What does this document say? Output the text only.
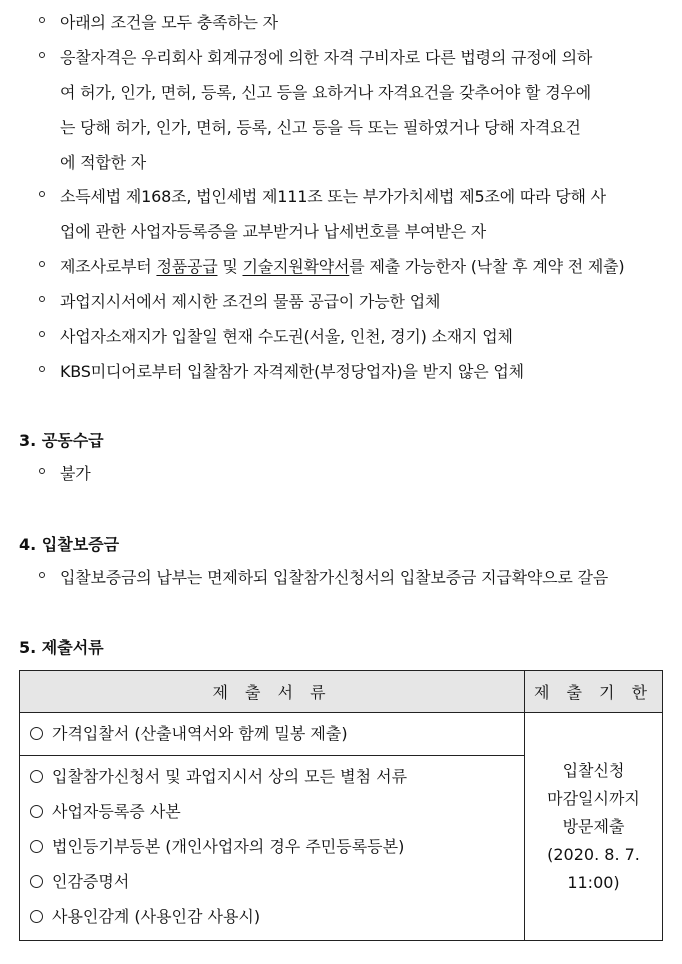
아래의 조건을 모두 충족하는 자
응찰자격은 우리회사 회계규정에 의한 자격 구비자로 다른 법령의 규정에 의하
여 허가, 인가, 면허, 등록, 신고 등을 요하거나 자격요건을 갖추어야 할 경우에
는 당해 허가, 인가, 면허, 등록, 신고 등을 득 또는 필하였거나 당해 자격요건
에 적합한 자
소득세법 제168조, 법인세법 제111조 또는 부가가치세법 제5조에 따라 당해 사
업에 관한 사업자등록증을 교부받거나 납세번호를 부여받은 자
제조사로부터 정품공급 및 기술지원확약서를 제출 가능한자 (낙찰 후 계약 전 제출)
과업지시서에서 제시한 조건의 물품 공급이 가능한 업체
사업자소재지가 입찰일 현재 수도권(서울, 인천, 경기) 소재지 업체
KBS미디어로부터 입찰참가 자격제한(부정당업자)을 받지 않은 업체
3. 공동수급
불가
4. 입찰보증금
입찰보증금의 납부는 면제하되 입찰참가신청서의 입찰보증금 지급확약으로 갈음
5. 제출서류
제 출 서 류	제 출 기 한

가격입찰서 (산출내역서와 함께 밀봉 제출)	입찰신청
마감일시까지
방문제출
(2020. 8. 7.
11:00)

입찰참가신청서 및 과업지시서 상의 모든 별첨 서류
사업자등록증 사본
법인등기부등본 (개인사업자의 경우 주민등록등본)
인감증명서
사용인감계 (사용인감 사용시)	
